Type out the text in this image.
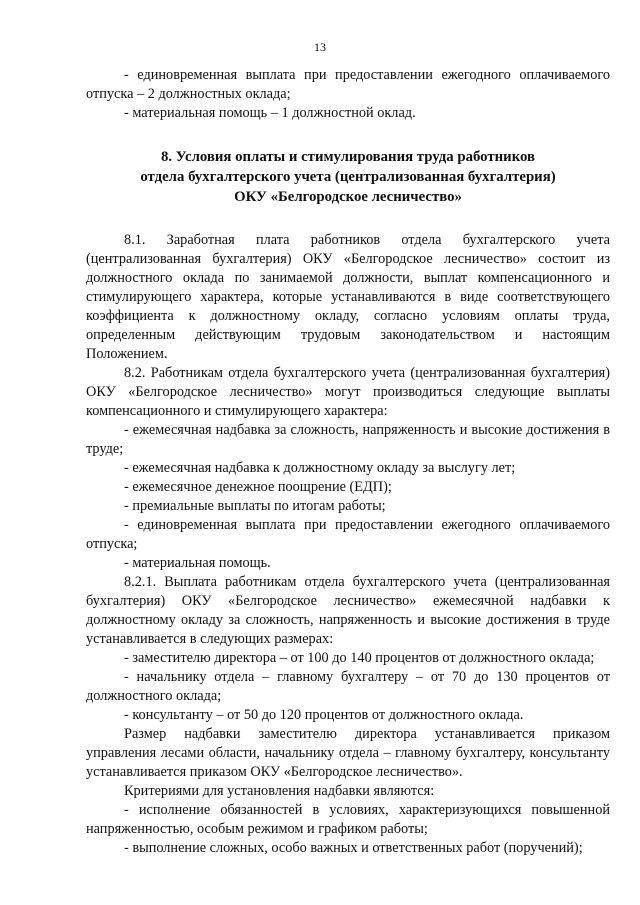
13

- единовременная выплата при предоставлении ежегодного оплачиваемого отпуска – 2 должностных оклада;

- материальная помощь – 1 должностной оклад.

8. Условия оплаты и стимулирования труда работников
отдела бухгалтерского учета (централизованная бухгалтерия)
ОКУ «Белгородское лесничество»

8.1. Заработная плата работников отдела бухгалтерского учета (централизованная бухгалтерия) ОКУ «Белгородское лесничество» состоит из должностного оклада по занимаемой должности, выплат компенсационного и стимулирующего характера, которые устанавливаются в виде соответствующего коэффициента к должностному окладу, согласно условиям оплаты труда, определенным действующим трудовым законодательством и настоящим Положением.

8.2. Работникам отдела бухгалтерского учета (централизованная бухгалтерия) ОКУ «Белгородское лесничество» могут производиться следующие выплаты компенсационного и стимулирующего характера:

- ежемесячная надбавка за сложность, напряженность и высокие достижения в труде;

- ежемесячная надбавка к должностному окладу за выслугу лет;

- ежемесячное денежное поощрение (ЕДП);

- премиальные выплаты по итогам работы;

- единовременная выплата при предоставлении ежегодного оплачиваемого отпуска;

- материальная помощь.

8.2.1. Выплата работникам отдела бухгалтерского учета (централизованная бухгалтерия) ОКУ «Белгородское лесничество» ежемесячной надбавки к должностному окладу за сложность, напряженность и высокие достижения в труде устанавливается в следующих размерах:

- заместителю директора – от 100 до 140 процентов от должностного оклада;

- начальнику отдела – главному бухгалтеру – от 70 до 130 процентов от должностного оклада;

- консультанту – от 50 до 120 процентов от должностного оклада.

Размер надбавки заместителю директора устанавливается приказом управления лесами области, начальнику отдела – главному бухгалтеру, консультанту устанавливается приказом ОКУ «Белгородское лесничество».

Критериями для установления надбавки являются:

- исполнение обязанностей в условиях, характеризующихся повышенной напряженностью, особым режимом и графиком работы;

- выполнение сложных, особо важных и ответственных работ (поручений);
